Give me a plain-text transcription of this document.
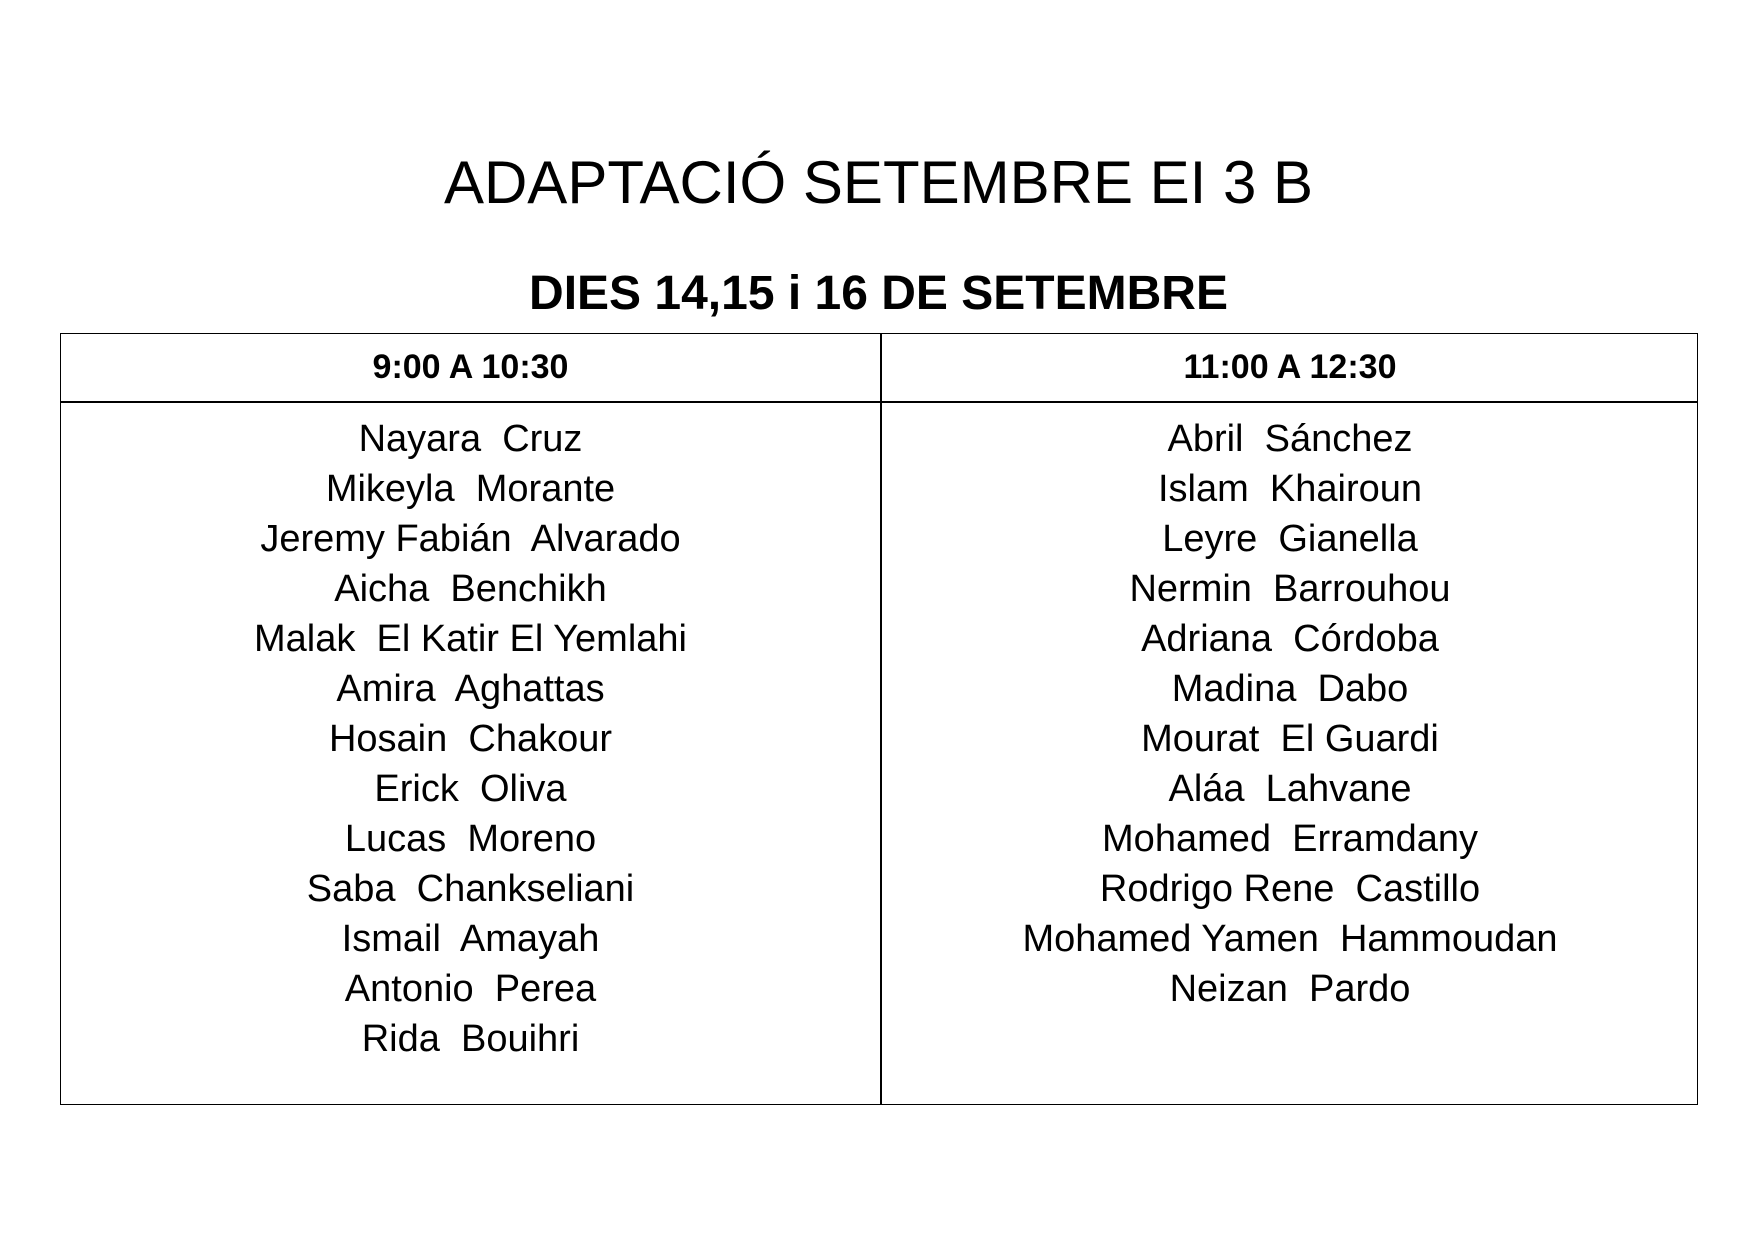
ADAPTACIÓ SETEMBRE EI 3 B
DIES 14,15 i 16 DE SETEMBRE
9:00 A 10:30	11:00 A 12:30
Nayara  Cruz
Mikeyla  Morante
Jeremy Fabián  Alvarado
Aicha  Benchikh
Malak  El Katir El Yemlahi
Amira  Aghattas
Hosain  Chakour
Erick  Oliva
Lucas  Moreno
Saba  Chankseliani
Ismail  Amayah
Antonio  Perea
Rida  Bouihri
Abril  Sánchez
Islam  Khairoun
Leyre  Gianella
Nermin  Barrouhou
Adriana  Córdoba
Madina  Dabo
Mourat  El Guardi
Aláa  Lahvane
Mohamed  Erramdany
Rodrigo Rene  Castillo
Mohamed Yamen  Hammoudan
Neizan  Pardo
